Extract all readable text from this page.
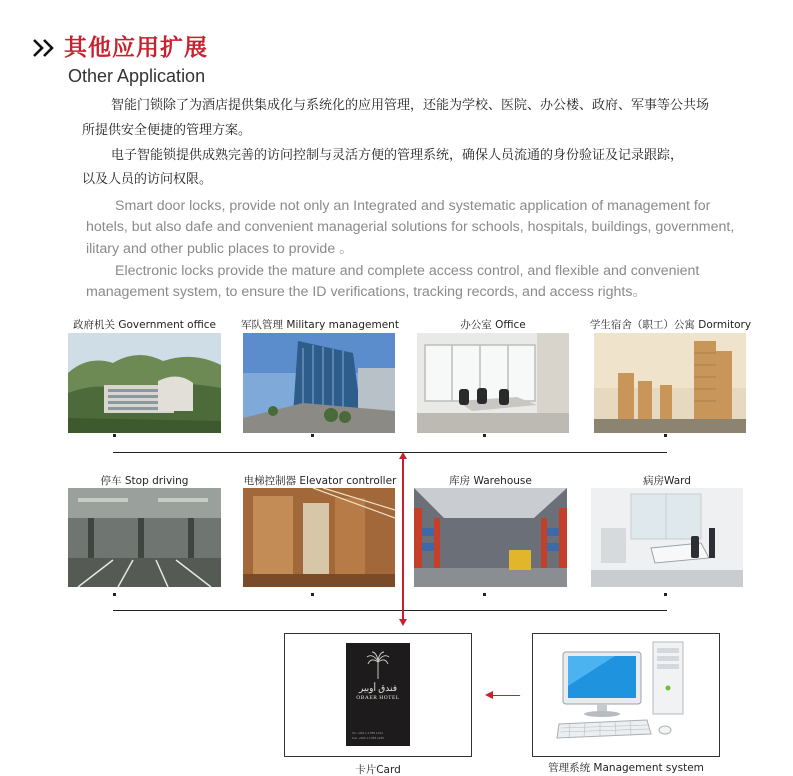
其他应用扩展
Other Application
智能门锁除了为酒店提供集成化与系统化的应用管理，还能为学校、医院、办公楼、政府、军事等公共场
所提供安全便捷的管理方案。
电子智能锁提供成熟完善的访问控制与灵活方便的管理系统，确保人员流通的身份验证及记录跟踪，
以及人员的访问权限。
Smart door locks, provide not only an Integrated and systematic application of management for
hotels, but also dafe and convenient managerial solutions for schools, hospitals, buildings, government,
ilitary and other public places to provide 。
Electronic locks provide the mature and complete access control, and flexible and convenient
management system, to ensure the ID verifications, tracking records, and access rights。
政府机关 Government office	军队管理 Military management	办公室 Office	学生宿舍（职工）公寓 Dormitory
停车 Stop driving	电梯控制器 Elevator controller	库房 Warehouse	病房Ward
فندق أوبير
OBAER HOTEL
Tel: +966 1 2 555 1234
Fax: +966 1 2 555 1235
卡片Card	管理系统 Management system
